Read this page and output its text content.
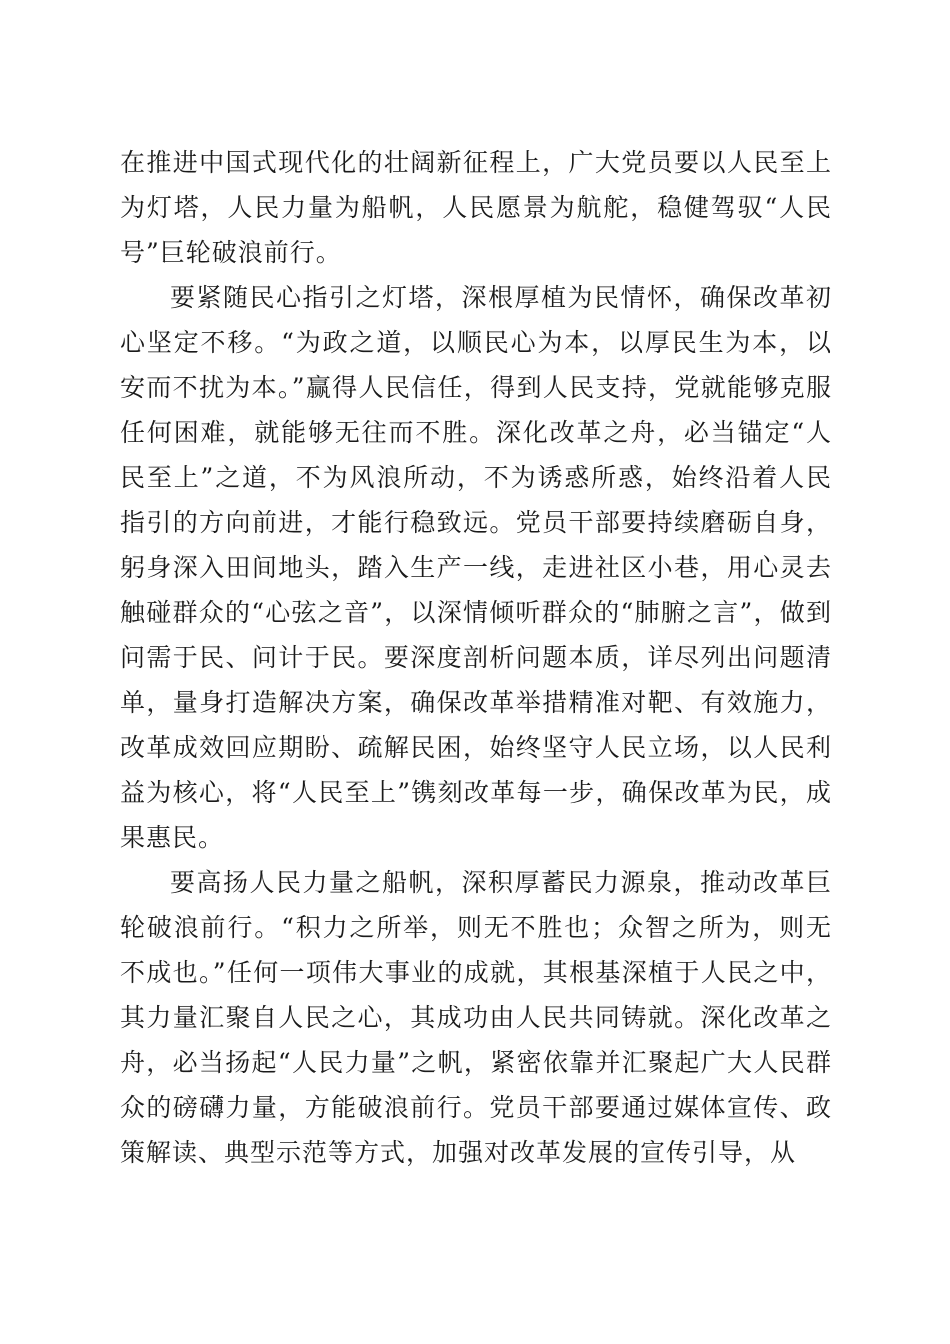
在推进中国式现代化的壮阔新征程上，广大党员要以人民至上为灯塔，人民力量为船帆，人民愿景为航舵，稳健驾驭“人民号”巨轮破浪前行。

要紧随民心指引之灯塔，深根厚植为民情怀，确保改革初心坚定不移。“为政之道，以顺民心为本，以厚民生为本，以安而不扰为本。”赢得人民信任，得到人民支持，党就能够克服任何困难，就能够无往而不胜。深化改革之舟，必当锚定“人民至上”之道，不为风浪所动，不为诱惑所惑，始终沿着人民指引的方向前进，才能行稳致远。党员干部要持续磨砺自身，躬身深入田间地头，踏入生产一线，走进社区小巷，用心灵去触碰群众的“心弦之音”，以深情倾听群众的“肺腑之言”，做到问需于民、问计于民。要深度剖析问题本质，详尽列出问题清单，量身打造解决方案，确保改革举措精准对靶、有效施力，改革成效回应期盼、疏解民困，始终坚守人民立场，以人民利益为核心，将“人民至上”镌刻改革每一步，确保改革为民，成果惠民。

要高扬人民力量之船帆，深积厚蓄民力源泉，推动改革巨轮破浪前行。“积力之所举，则无不胜也；众智之所为，则无不成也。”任何一项伟大事业的成就，其根基深植于人民之中，其力量汇聚自人民之心，其成功由人民共同铸就。深化改革之舟，必当扬起“人民力量”之帆，紧密依靠并汇聚起广大人民群众的磅礴力量，方能破浪前行。党员干部要通过媒体宣传、政策解读、典型示范等方式，加强对改革发展的宣传引导，从
